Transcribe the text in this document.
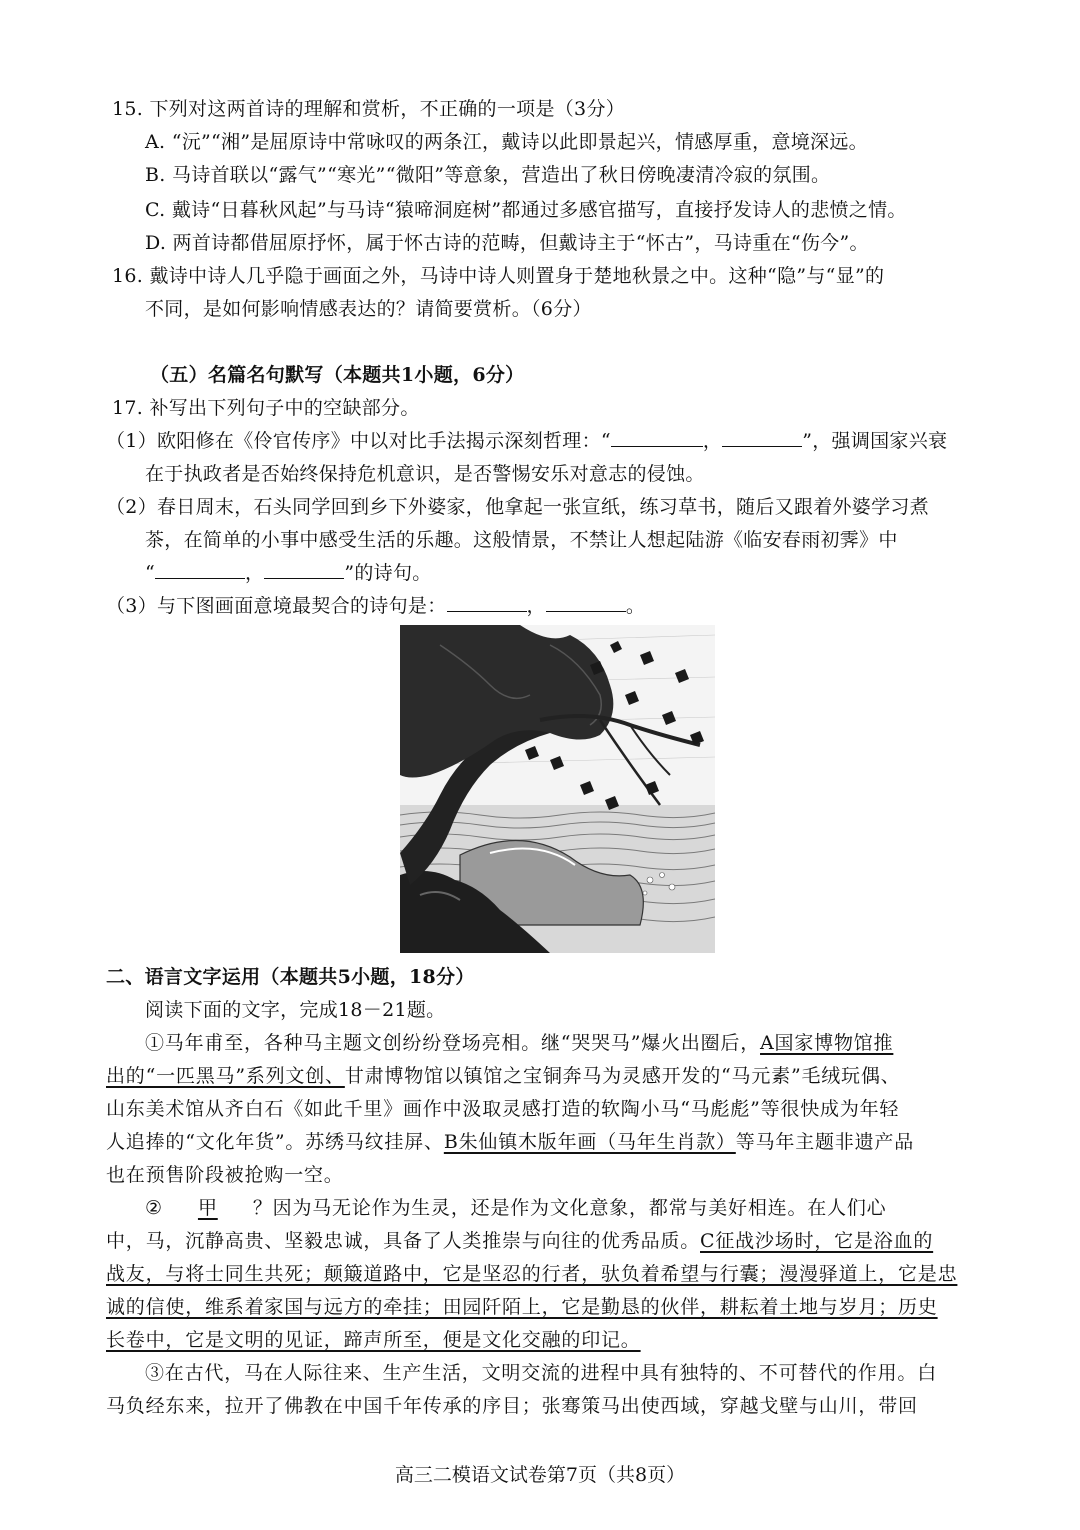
15. 下列对这两首诗的理解和赏析，不正确的一项是（3分）
A. “沅”“湘”是屈原诗中常咏叹的两条江，戴诗以此即景起兴，情感厚重，意境深远。
B. 马诗首联以“露气”“寒光”“微阳”等意象，营造出了秋日傍晚凄清冷寂的氛围。
C. 戴诗“日暮秋风起”与马诗“猿啼洞庭树”都通过多感官描写，直接抒发诗人的悲愤之情。
D. 两首诗都借屈原抒怀，属于怀古诗的范畴，但戴诗主于“怀古”，马诗重在“伤今”。
16. 戴诗中诗人几乎隐于画面之外，马诗中诗人则置身于楚地秋景之中。这种“隐”与“显”的
不同，是如何影响情感表达的？请简要赏析。（6分）
（五）名篇名句默写（本题共1小题，6分）
17. 补写出下列句子中的空缺部分。
（1）欧阳修在《伶官传序》中以对比手法揭示深刻哲理：“	，	”，强调国家兴衰
在于执政者是否始终保持危机意识，是否警惕安乐对意志的侵蚀。
（2）春日周末，石头同学回到乡下外婆家，他拿起一张宣纸，练习草书，随后又跟着外婆学习煮
茶，在简单的小事中感受生活的乐趣。这般情景，不禁让人想起陆游《临安春雨初霁》中
“	，	”的诗句。
（3）与下图画面意境最契合的诗句是：	，	。
二、语言文字运用（本题共5小题，18分）
阅读下面的文字，完成18－21题。
①马年甫至，各种马主题文创纷纷登场亮相。继“哭哭马”爆火出圈后，A国家博物馆推
出的“一匹黑马”系列文创、甘肃博物馆以镇馆之宝铜奔马为灵感开发的“马元素”毛绒玩偶、
山东美术馆从齐白石《如此千里》画作中汲取灵感打造的软陶小马“马彪彪”等很快成为年轻
人追捧的“文化年货”。苏绣马纹挂屏、B朱仙镇木版年画（马年生肖款）等马年主题非遗产品
也在预售阶段被抢购一空。
② 甲 ？因为马无论作为生灵，还是作为文化意象，都常与美好相连。在人们心
中，马，沉静高贵、坚毅忠诚，具备了人类推崇与向往的优秀品质。C征战沙场时，它是浴血的
战友，与将士同生共死；颠簸道路中，它是坚忍的行者，驮负着希望与行囊；漫漫驿道上，它是忠
诚的信使，维系着家国与远方的牵挂；田园阡陌上，它是勤恳的伙伴，耕耘着土地与岁月；历史
长卷中，它是文明的见证，蹄声所至，便是文化交融的印记。
③在古代，马在人际往来、生产生活，文明交流的进程中具有独特的、不可替代的作用。白
马负经东来，拉开了佛教在中国千年传承的序目；张骞策马出使西域，穿越戈壁与山川，带回
高三二模语文试卷第7页（共8页）
